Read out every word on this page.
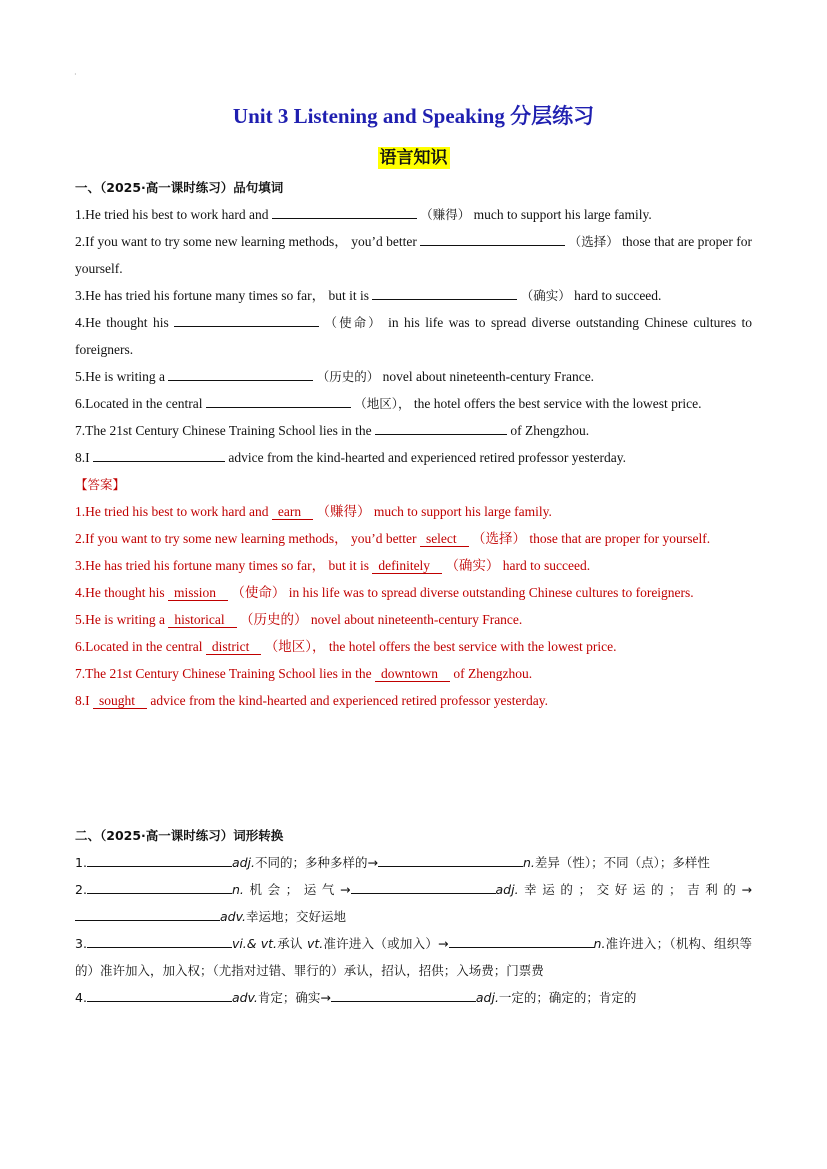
·
Unit 3 Listening and Speaking 分层练习
语言知识
一、（2025·高一课时练习）品句填词
1.He tried his best to work hard and	（赚得） much to support his large family.
2.If you want to try some new learning methods， you’d better	（选择） those that are proper for yourself.
3.He has tried his fortune many times so far， but it is	（确实） hard to succeed.
4.He thought his	（使命） in his life was to spread diverse outstanding Chinese cultures to foreigners.
5.He is writing a	（历史的） novel about nineteenth-century France.
6.Located in the central	（地区）， the hotel offers the best service with the lowest price.
7.The 21st Century Chinese Training School lies in the	of Zhengzhou.
8.I	advice from the kind-hearted and experienced retired professor yesterday.
【答案】
1.He tried his best to work hard and earn （赚得） much to support his large family.
2.If you want to try some new learning methods， you’d better select （选择） those that are proper for yourself.
3.He has tried his fortune many times so far， but it is definitely （确实） hard to succeed.
4.He thought his mission （使命） in his life was to spread diverse outstanding Chinese cultures to foreigners.
5.He is writing a historical （历史的） novel about nineteenth-century France.
6.Located in the central district （地区）， the hotel offers the best service with the lowest price.
7.The 21st Century Chinese Training School lies in the downtown of Zhengzhou.
8.I sought advice from the kind-hearted and experienced retired professor yesterday.
二、（2025·高一课时练习）词形转换
1.	adj.不同的；多种多样的→	n.差异（性）；不同（点）；多样性
2.	n.机会；运气→	adj.幸运的；交好运的；吉利的→adv.幸运地；交好运地
3.	vi.& vt.承认 vt.准许进入（或加入）→	n.准许进入；（机构、组织等的）准许加入，加入权；（尤指对过错、罪行的）承认，招认，招供；入场费；门票费
4.	adv.肯定；确实→	adj.一定的；确定的；肯定的
